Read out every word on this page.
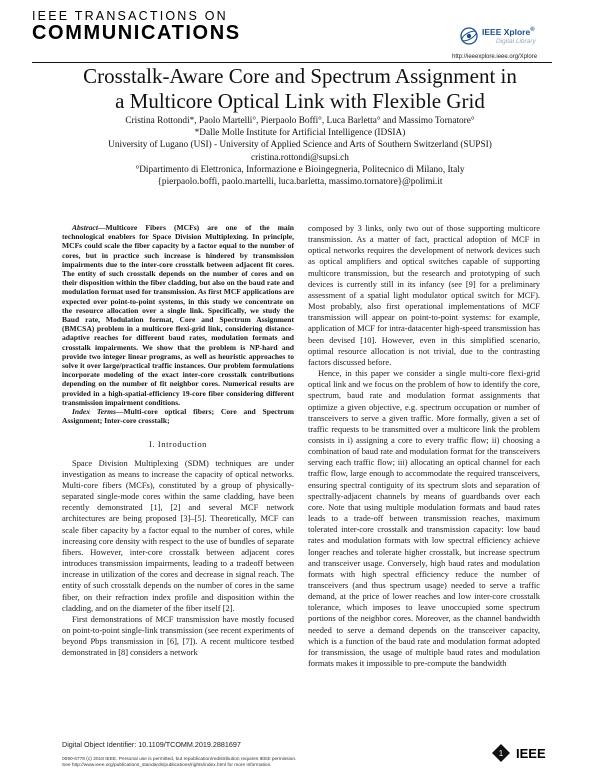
IEEE TRANSACTIONS ON
COMMUNICATIONS	IEEE Xplore®
Digital Library
http://ieeexplore.ieee.org/Xplore
Crosstalk-Aware Core and Spectrum Assignment in
a Multicore Optical Link with Flexible Grid
Cristina Rottondi*, Paolo Martelli°, Pierpaolo Boffi°, Luca Barletta° and Massimo Tornatore°
*Dalle Molle Institute for Artificial Intelligence (IDSIA)
University of Lugano (USI) - University of Applied Science and Arts of Southern Switzerland (SUPSI)
cristina.rottondi@supsi.ch
°Dipartimento di Elettronica, Informazione e Bioingegneria, Politecnico di Milano, Italy
{pierpaolo.boffi, paolo.martelli, luca.barletta, massimo.tornatore}@polimi.it

Abstract—Multicore Fibers (MCFs) are one of the main technological enablers for Space Division Multiplexing. In principle, MCFs could scale the fiber capacity by a factor equal to the number of cores, but in practice such increase is hindered by transmission impairments due to the inter-core crosstalk between adjacent fit cores. The entity of such crosstalk depends on the number of cores and on their disposition within the fiber cladding, but also on the baud rate and modulation format used for transmission. As first MCF applications are expected over point-to-point systems, in this study we concentrate on the resource allocation over a single link. Specifically, we study the Baud rate, Modulation format, Core and Spectrum Assignment (BMCSA) problem in a multicore flexi-grid link, considering distance-adaptive reaches for different baud rates, modulation formats and crosstalk impairments. We show that the problem is NP-hard and provide two integer linear programs, as well as heuristic approaches to solve it over large/practical traffic instances. Our problem formulations incorporate modeling of the exact inter-core crosstalk contributions depending on the number of fit neighbor cores. Numerical results are provided in a high-spatial-efficiency 19-core fiber considering different transmission impairment conditions.

Index Terms—Multi-core optical fibers; Core and Spectrum Assignment; Inter-core crosstalk;

I. Introduction

Space Division Multiplexing (SDM) techniques are under investigation as means to increase the capacity of optical networks. Multi-core fibers (MCFs), constituted by a group of physically-separated single-mode cores within the same cladding, have been recently demonstrated [1], [2] and several MCF network architectures are being proposed [3]–[5]. Theoretically, MCF can scale fiber capacity by a factor equal to the number of cores, while increasing core density with respect to the use of bundles of separate fibers. However, inter-core crosstalk between adjacent cores introduces transmission impairments, leading to a tradeoff between increase in utilization of the cores and decrease in signal reach. The entity of such crosstalk depends on the number of cores in the same fiber, on their refraction index profile and disposition within the cladding, and on the diameter of the fiber itself [2].

First demonstrations of MCF transmission have mostly focused on point-to-point single-link transmission (see recent experiments of beyond Pbps transmission in [6], [7]). A recent multicore testbed demonstrated in [8] considers a network

composed by 3 links, only two out of those supporting multicore transmission. As a matter of fact, practical adoption of MCF in optical networks requires the development of network devices such as optical amplifiers and optical switches capable of supporting multicore transmission, but the research and prototyping of such devices is currently still in its infancy (see [9] for a preliminary assessment of a spatial light modulator optical switch for MCF). Most probably, also first operational implementations of MCF transmission will appear on point-to-point systems: for example, application of MCF for intra-datacenter high-speed transmission has been devised [10]. However, even in this simplified scenario, optimal resource allocation is not trivial, due to the contrasting factors discussed before.

Hence, in this paper we consider a single multi-core flexi-grid optical link and we focus on the problem of how to identify the core, spectrum, baud rate and modulation format assignments that optimize a given objective, e.g. spectrum occupation or number of transceivers to serve a given traffic. More formally, given a set of traffic requests to be transmitted over a multicore link the problem consists in i) assigning a core to every traffic flow; ii) choosing a combination of baud rate and modulation format for the transceivers serving each traffic flow; iii) allocating an optical channel for each traffic flow, large enough to accommodate the required transceivers, ensuring spectral contiguity of its spectrum slots and separation of spectrally-adjacent channels by means of guardbands over each core. Note that using multiple modulation formats and baud rates leads to a trade-off between transmission reaches, maximum tolerated inter-core crosstalk and transmission capacity: low baud rates and modulation formats with low spectral efficiency achieve longer reaches and tolerate higher crosstalk, but increase spectrum and transceiver usage. Conversely, high baud rates and modulation formats with high spectral efficiency reduce the number of transceivers (and thus spectrum usage) needed to serve a traffic demand, at the price of lower reaches and low inter-core crosstalk tolerance, which imposes to leave unoccupied some spectrum portions of the neighbor cores. Moreover, as the channel bandwidth needed to serve a demand depends on the transceiver capacity, which is a function of the baud rate and modulation format adopted for transmission, the usage of multiple baud rates and modulation formats makes it impossible to pre-compute the bandwidth

Digital Object Identifier: 10.1109/TCOMM.2019.2881697
0090-6778 (c) 2018 IEEE. Personal use is permitted, but republication/redistribution requires IEEE permission.
See http://www.ieee.org/publications_standards/publications/rights/index.html for more information.
1 IEEE
